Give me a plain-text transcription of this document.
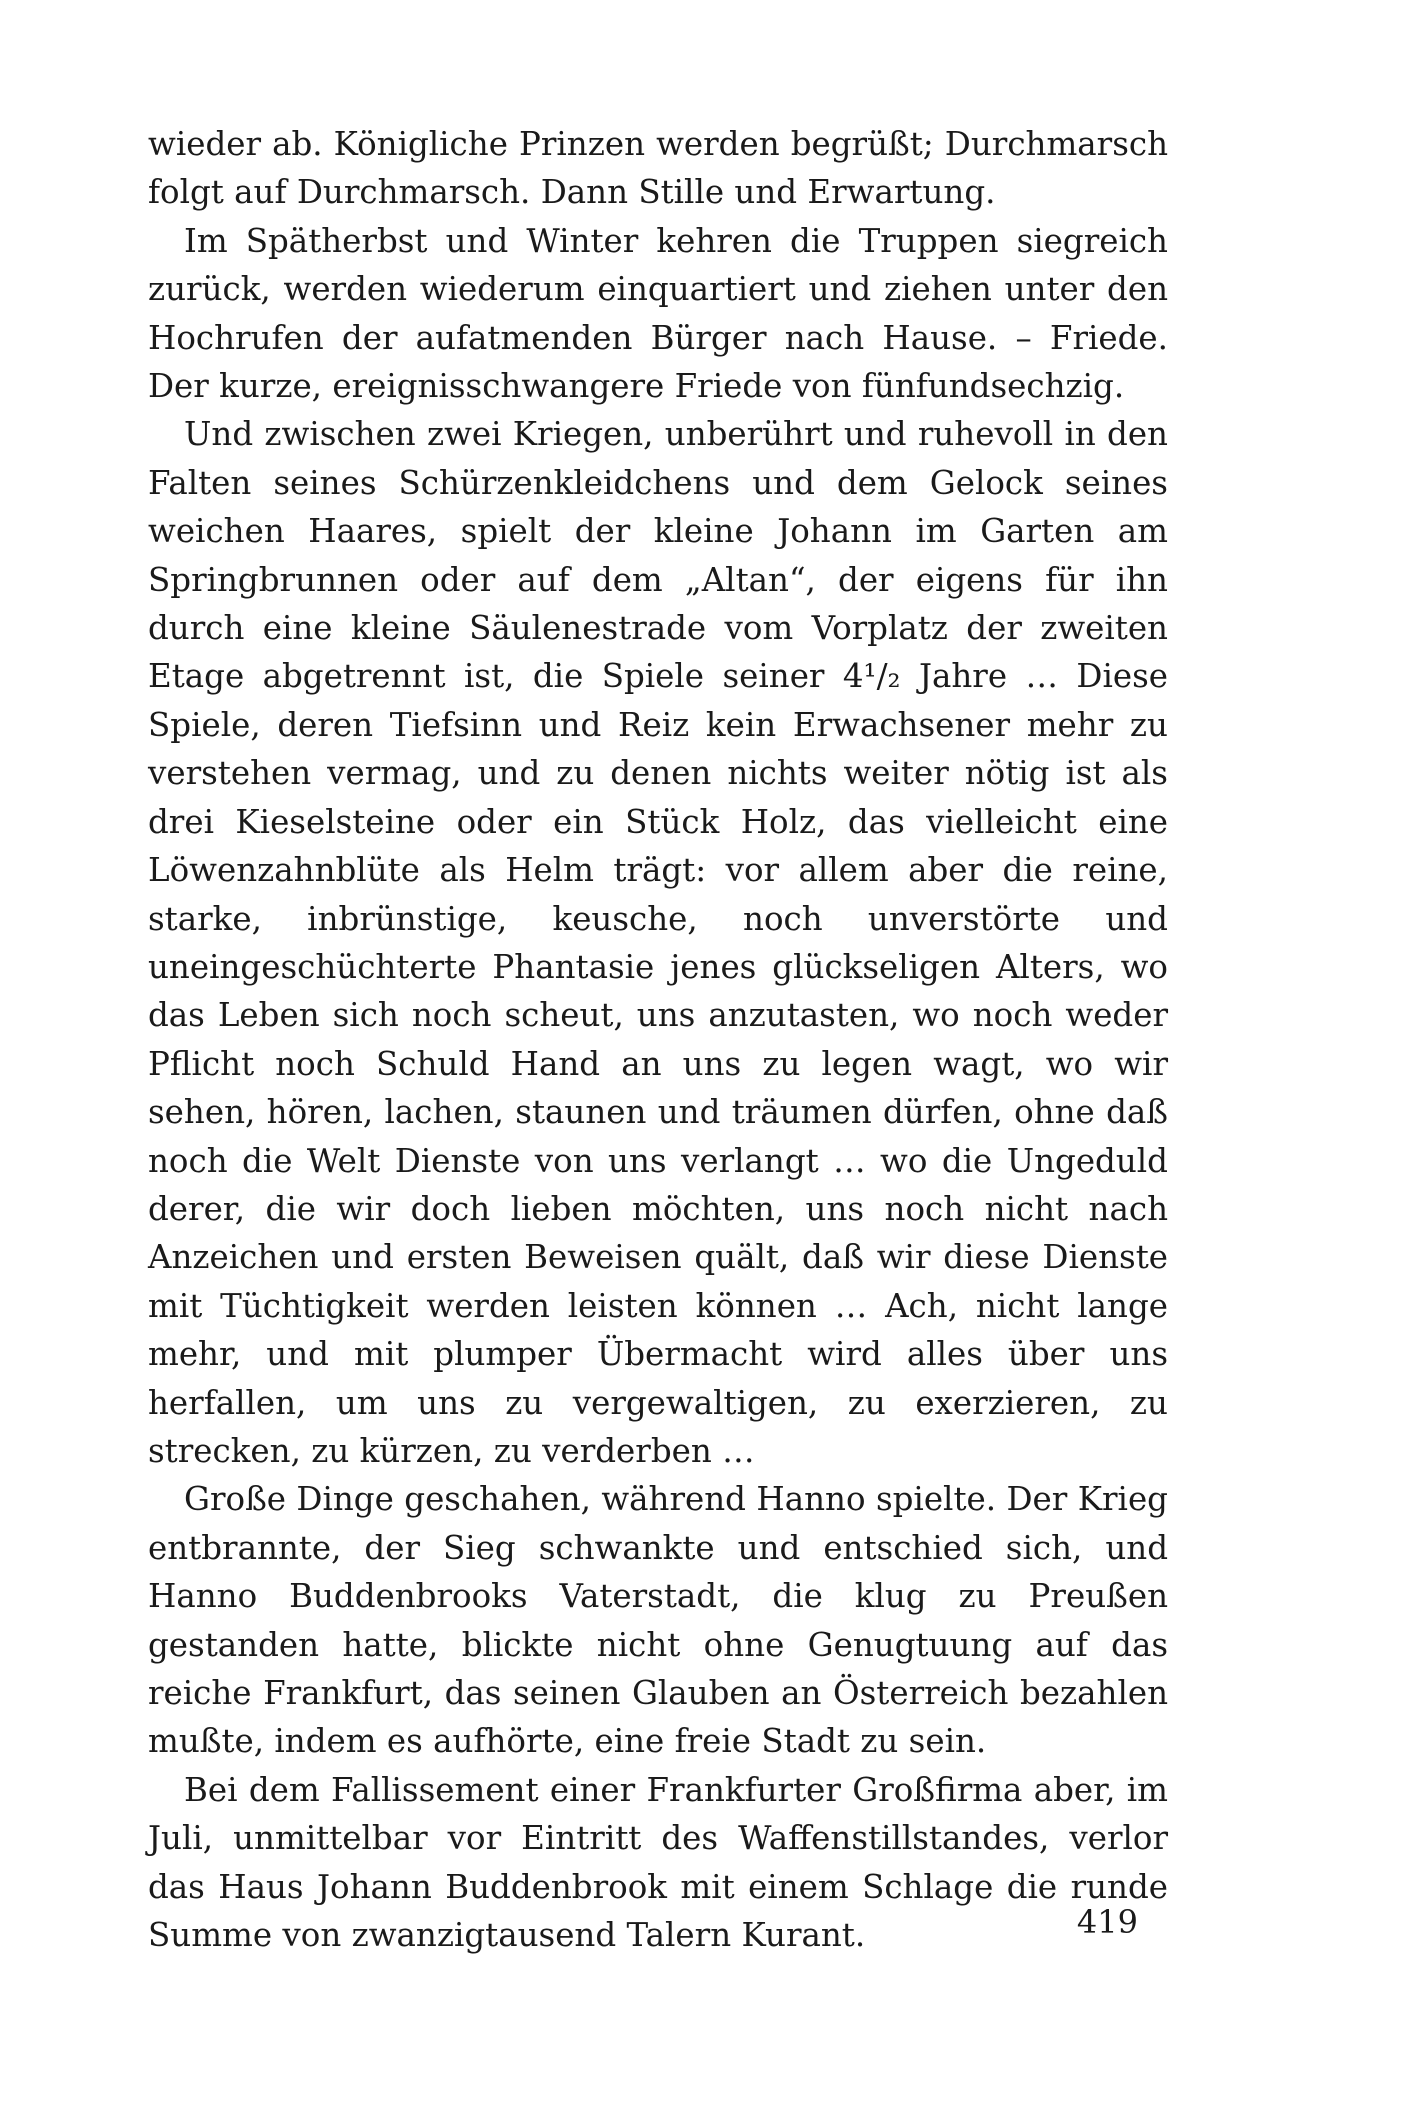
wieder ab. Königliche Prinzen werden begrüßt; Durchmarsch folgt auf Durchmarsch. Dann Stille und Erwartung.

Im Spätherbst und Winter kehren die Truppen siegreich zurück, werden wiederum einquartiert und ziehen unter den Hochrufen der aufatmenden Bürger nach Hause. – Friede. Der kurze, ereignisschwangere Friede von fünfundsechzig.

Und zwischen zwei Kriegen, unberührt und ruhevoll in den Falten seines Schürzenkleidchens und dem Gelock seines weichen Haares, spielt der kleine Johann im Garten am Springbrunnen oder auf dem „Altan“, der eigens für ihn durch eine kleine Säulenestrade vom Vorplatz der zweiten Etage abgetrennt ist, die Spiele seiner 4¹/₂ Jahre … Diese Spiele, deren Tiefsinn und Reiz kein Erwachsener mehr zu verstehen vermag, und zu denen nichts weiter nötig ist als drei Kieselsteine oder ein Stück Holz, das vielleicht eine Löwenzahnblüte als Helm trägt: vor allem aber die reine, starke, inbrünstige, keusche, noch unverstörte und uneingeschüchterte Phantasie jenes glückseligen Alters, wo das Leben sich noch scheut, uns anzutasten, wo noch weder Pflicht noch Schuld Hand an uns zu legen wagt, wo wir sehen, hören, lachen, staunen und träumen dürfen, ohne daß noch die Welt Dienste von uns verlangt … wo die Ungeduld derer, die wir doch lieben möchten, uns noch nicht nach Anzeichen und ersten Beweisen quält, daß wir diese Dienste mit Tüchtigkeit werden leisten können … Ach, nicht lange mehr, und mit plumper Übermacht wird alles über uns herfallen, um uns zu vergewaltigen, zu exerzieren, zu strecken, zu kürzen, zu verderben …

Große Dinge geschahen, während Hanno spielte. Der Krieg entbrannte, der Sieg schwankte und entschied sich, und Hanno Buddenbrooks Vaterstadt, die klug zu Preußen gestanden hatte, blickte nicht ohne Genugtuung auf das reiche Frankfurt, das seinen Glauben an Österreich bezahlen mußte, indem es aufhörte, eine freie Stadt zu sein.

Bei dem Fallissement einer Frankfurter Großfirma aber, im Juli, unmittelbar vor Eintritt des Waffenstillstandes, verlor das Haus Johann Buddenbrook mit einem Schlage die runde Summe von zwanzigtausend Talern Kurant.	419
